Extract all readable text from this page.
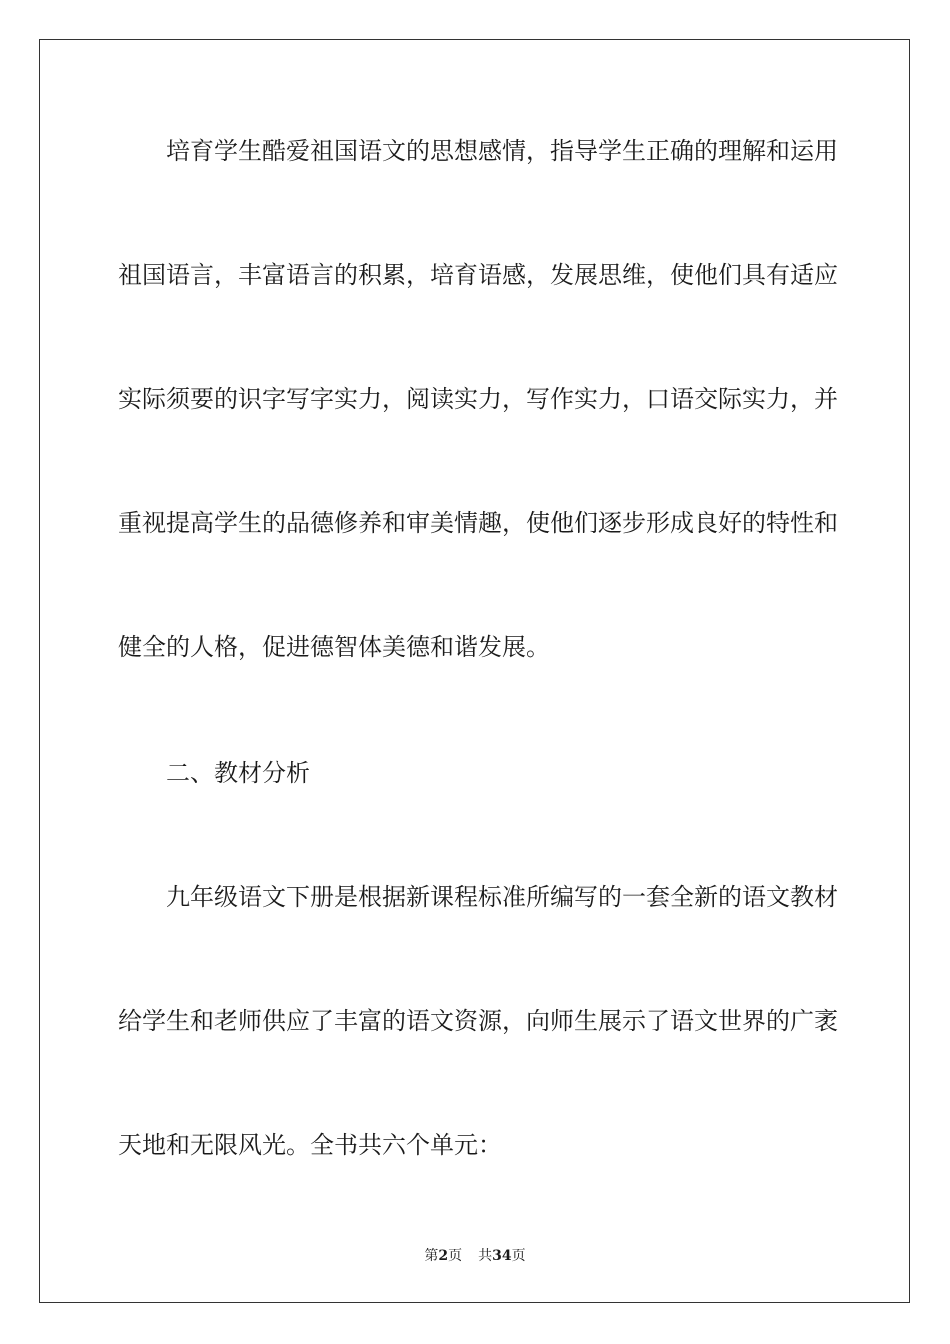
培育学生酷爱祖国语文的思想感情，指导学生正确的理解和运用
祖国语言，丰富语言的积累，培育语感，发展思维，使他们具有适应
实际须要的识字写字实力，阅读实力，写作实力，口语交际实力，并
重视提高学生的品德修养和审美情趣，使他们逐步形成良好的特性和
健全的人格，促进德智体美德和谐发展。
二、教材分析
九年级语文下册是根据新课程标准所编写的一套全新的语文教材
给学生和老师供应了丰富的语文资源，向师生展示了语文世界的广袤
天地和无限风光。全书共六个单元：
第2页 共34页
